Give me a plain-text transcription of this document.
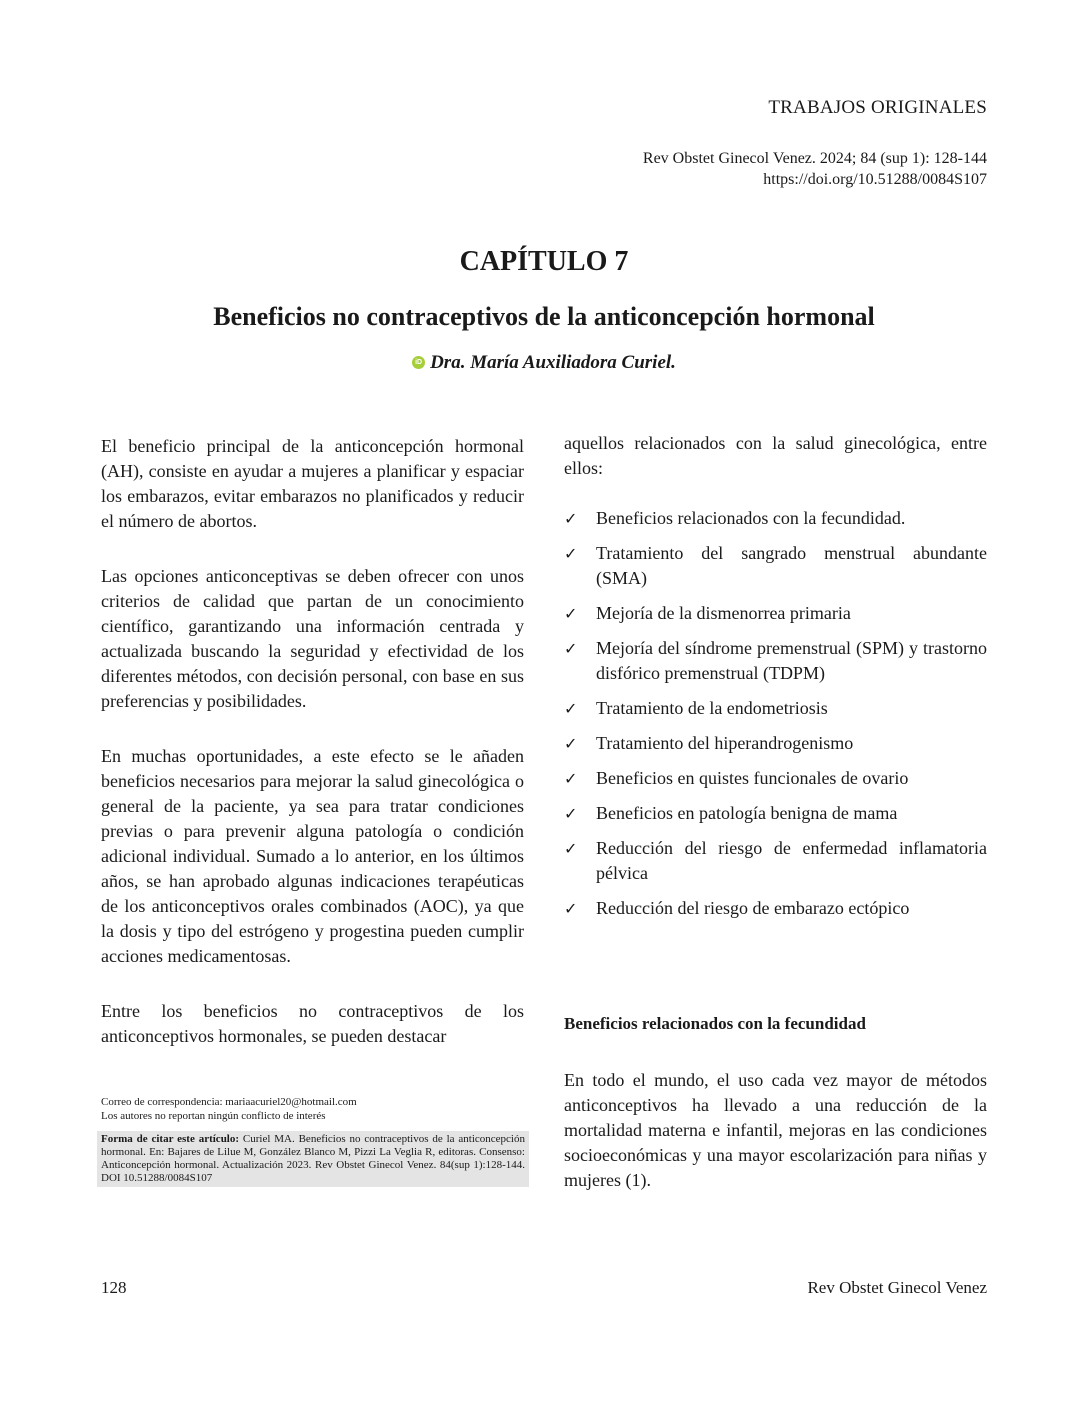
TRABAJOS ORIGINALES
Rev Obstet Ginecol Venez. 2024; 84 (sup 1): 128-144
https://doi.org/10.51288/0084S107
CAPÍTULO 7
Beneficios no contraceptivos de la anticoncepción hormonal
iD Dra. María Auxiliadora Curiel.

El beneficio principal de la anticoncepción hormonal (AH), consiste en ayudar a mujeres a planificar y espaciar los embarazos, evitar embarazos no planificados y reducir el número de abortos.

Las opciones anticonceptivas se deben ofrecer con unos criterios de calidad que partan de un conocimiento científico, garantizando una información centrada y actualizada buscando la seguridad y efectividad de los diferentes métodos, con decisión personal, con base en sus preferencias y posibilidades.

En muchas oportunidades, a este efecto se le añaden beneficios necesarios para mejorar la salud ginecológica o general de la paciente, ya sea para tratar condiciones previas o para prevenir alguna patología o condición adicional individual. Sumado a lo anterior, en los últimos años, se han aprobado algunas indicaciones terapéuticas de los anticonceptivos orales combinados (AOC), ya que la dosis y tipo del estrógeno y progestina pueden cumplir acciones medicamentosas.

Entre los beneficios no contraceptivos de los anticonceptivos hormonales, se pueden destacar

aquellos relacionados con la salud ginecológica, entre ellos:

✓ Beneficios relacionados con la fecundidad.
✓ Tratamiento del sangrado menstrual abundante (SMA)
✓ Mejoría de la dismenorrea primaria
✓ Mejoría del síndrome premenstrual (SPM) y trastorno disfórico premenstrual (TDPM)
✓ Tratamiento de la endometriosis
✓ Tratamiento del hiperandrogenismo
✓ Beneficios en quistes funcionales de ovario
✓ Beneficios en patología benigna de mama
✓ Reducción del riesgo de enfermedad inflamatoria pélvica
✓ Reducción del riesgo de embarazo ectópico
Beneficios relacionados con la fecundidad

En todo el mundo, el uso cada vez mayor de métodos anticonceptivos ha llevado a una reducción de la mortalidad materna e infantil, mejoras en las condiciones socioeconómicas y una mayor escolarización para niñas y mujeres (1).

Correo de correspondencia: mariaacuriel20@hotmail.com
Los autores no reportan ningún conflicto de interés
Forma de citar este artículo: Curiel MA. Beneficios no contraceptivos de la anticoncepción hormonal. En: Bajares de Lilue M, González Blanco M, Pizzi La Veglia R, editoras. Consenso: Anticoncepción hormonal. Actualización 2023. Rev Obstet Ginecol Venez. 84(sup 1):128-144. DOI 10.51288/0084S107
128	Rev Obstet Ginecol Venez
